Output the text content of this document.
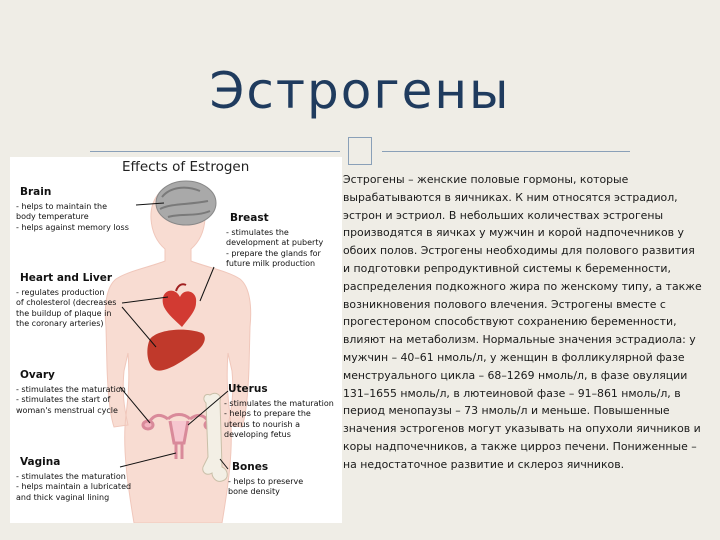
Эстрогены
Effects of Estrogen
Brain
- helps to maintain the
body temperature
- helps against memory loss
Heart and Liver
- regulates production
of cholesterol (decreases
the buildup of plaque in
the coronary arteries)
Ovary
- stimulates the maturation
- stimulates the start of
woman's menstrual cycle
Vagina
- stimulates the maturation
- helps maintain a lubricated
and thick vaginal lining
Breast
- stimulates the
development at puberty
- prepare the glands for
future milk production
Uterus
- stimulates the maturation
- helps to prepare the
uterus to nourish a
developing fetus
Bones
- helps to preserve
bone density
Эстрогены – женские половые гормоны, которые вырабатываются в яичниках. К ним относятся эстрадиол, эстрон и эстриол. В небольших количествах эстрогены производятся в яичках у мужчин и корой надпочечников у обоих полов. Эстрогены необходимы для полового развития и подготовки репродуктивной системы к беременности, распределения подкожного жира по женскому типу, а также возникновения полового влечения. Эстрогены вместе с прогестероном способствуют сохранению беременности, влияют на метаболизм. Нормальные значения эстрадиола: у мужчин – 40–61 нмоль/л, у женщин в фолликулярной фазе менструального цикла – 68–1269 нмоль/л, в фазе овуляции 131–1655 нмоль/л, в лютеиновой фазе – 91–861 нмоль/л, в период менопаузы – 73 нмоль/л и меньше. Повышенные значения эстрогенов могут указывать на опухоли яичников и коры надпочечников, а также цирроз печени. Пониженные – на недостаточное развитие и склероз яичников.
